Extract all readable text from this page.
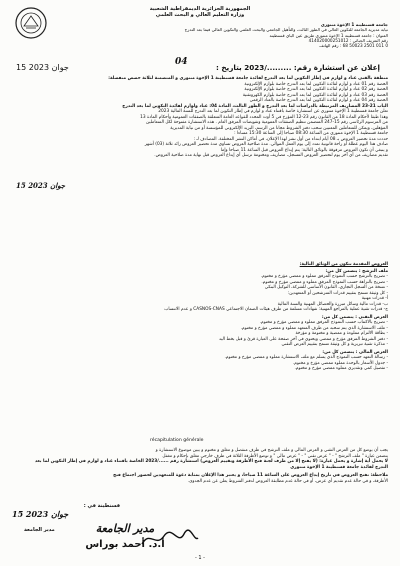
الجمهورية الجزائرية الديمقراطية الشعبية
وزارة التعليم العالي و البحث العلمي
جامعة قسنطينة 1 الإخوة منتوري
نيابة مديرية الجامعة للتكوين العالي في الطور الثالث، والتأهيل الجامعي والبحث العلمي والتكوين العالي فيما بعد التدرج
العنوان : جامعة قسنطينة 1 الإخوة منتوري طريق عين الباي قسنطينة
رقم التعريف الجبائي : 414020000251012
0 011 2501 50023 68 : رقم الهاتف
15 جوان 2023	إعلان عن استشارة رقم: ........./2023 بتاريخ :
04
منطقة بالقنى عتاد و لوازم في إطار التكوين لما بعد التدرج لفائدة جامعة قسنطينة 1 الإخوة منتوري و المتضمنة لثلاثة حصص منفصلة:
الحصة رقم 01 عتاد و لوازم لفائدة التكوين لما بعد التدرج خاصة بلوازم الإلكترونية
الحصة رقم 02 عتاد و لوازم لفائدة التكوين لما بعد التدرج خاصة بلوازم الإلكترونية
الحصة رقم 03 عتاد و لوازم لفائدة التكوين لما بعد التدرج خاصة بلوازم الكهروتقنية
الحصة رقم 04 عتاد و لوازم لفائدة التكوين لما بعد التدرج خاصة بالعتاد الرقمي
الباب 21-23 المصاريف المرتبطة بالدراسات لما بعد التدرج و الطور الثالث، المادة 04: عتاد ولوازم لفائدة التكوين لما بعد التدرج
تعلن جامعة قسنطينة 1 الإخوة منتوري عن استشارة خاصة باقتناء عتاد و لوازم في إطار التكوين لما بعد التدرج للسنة المالية 2023
وهذا طبقا لأحكام المادة 18 من القانون رقم 23-12 المؤرخ في 5 أوت المحدد للقواعد العامة المتعلقة بالصفقات العمومية وأحكام المادة 13
من المرسوم الرئاسي رقم 15-247 المتضمن تنظيم الصفقات العمومية وتفويضات المرفق العام . هذه الاستشارة مفتوحة لكل المتعاملين
المؤهلين، ويمكن للمتعاملين المعنيين سحب دفتر الشروط مجانا من الرسم، البريد الإلكتروني للمؤسسة أو من نيابة المديرية
جامعة قسنطينة 1 الإخوة منتوري من الساعة 08:30 صباحا إلى الساعة 15:30 مساءا :
حددت مدة تحضير العروض بـ 08 أيام ابتداء من أول نشر لهذا الإعلان، في أماكن النشر المختلفة. المصادف لـ :
صادف هذا اليوم عطلة أو راحة قانونية تمدد إلى يوم العمل الموالي. مدة صلاحية العروض تساوي مدة تحضير العروض زائد ثلاثة (03) أشهر
و ينبغي أن تكون العروض مرفوقة بالوثائق التالية: يتم إيداع العروض قبل الساعة 11 صباحا وإما
تقديم مصاريف من أي آخر يوم لتحضير العروض المسجل، مصاريف ومختومة ترسل أي إيداع العروض قبل نهاية مدة صلاحية العروض.
15 جوان 2023
العروض المقدمة تتكون من الوثائق التالية:
ملف الترشح : يتضمن كل من:
- تصريح بالترشح حسب النموذج المرفق مملوء و ممضي مؤرخ و مختوم.
- تصريح بالنزاهة حسب النموذج المرفق مملوء و ممضي مؤرخ و مختوم.
- نسخة من السجل التجاري، القانون الأساسي للشركة، التوكيل البنكي
- كل وثيقة تسمح بتقييم قدرات المترشحين أو المتعهدين:
أ- قدرات مهنية
ب- قدرات مالية وسائل مبررة والحصائل المهنية والسنة المالية
ج- قدرات تقنية عملية بالمراجع المهنية: شهادات مسلمة من طرف هيئات الضمان الاجتماعي CASNOS-CNAS و عدم الانتساب
العرض التقني : يتضمن كل من:
- تصريح بالاكتتاب حسب النموذج المرفق مملوء و ممضي مؤرخ و مختوم.
- ملف الاستشارة الذي يتم سحبه من طرف المتعهد مملوء و ممضي مؤرخ و مختوم.
- بطاقة الالتزام مملوءة و ممضية و مختومة و مؤرخة
- دفتر الشروط المرفق مؤرخ و ممضي ويحتوي في آخر صفحة على العبارة قرئ و قبل بخط اليد
- مذكرة تقنية تبريرية و كل وثيقة تسمح بتقييم العرض التقني
العرض المالي : يتضمن كل من:
- رسالة التعهد حسب النموذج الذي يسلم مع ملف الاستشارة مملوء و ممضي مؤرخ و مختوم.
- جدول الأسعار بالوحدة مملوء ممضي مؤرخ و مختوم.
- تفصيل كمي وتقديري مملوء ممضي مؤرخ و مختوم.
récapitulation générale
يجب أن يوضع كل من العرض التقني و العرض المالي و ملف الترشح في ظرف منفصل و مغلق و مختوم و يبين موضوع الاستشارة و
يتضمن عبارة " ملف الترشح " - " عرض تقني " - " عرض مالي " و توضع الأظرفة الثلاثة في ظرف خارجي مغلق بإحكام و مغفل
لا يحمل أية إشارة و يحمل عبارة: (لا يفتح إلا من طرف لجنة فتح الأظرفة وتقييم العروض) استشارة رقم ....../2023 الخاصة باقتناء عتاد و لوازم في إطار التكوين لما بعد
التدرج لفائدة جامعة قسنطينة 1 الإخوة منتوري
ملاحظة: تفتح العروض في تاريخ إيداع العروض على الساعة 11 صباحا، و يعتبر هذا الإعلان بمثابة دعوة للمتعهدين لحضور اجتماع فتح
الأظرفة، و في حالة عدم تقديم أي عرض، أو في حالة عدم مطابقة العروض لدفتر الشروط يعلن عن عدم الجدوى.
قسنطينة في :
15 جوان 2023
مدير الجامعة	مدير الجامعة
أ.د. أحمد بوراس
- 1 -
